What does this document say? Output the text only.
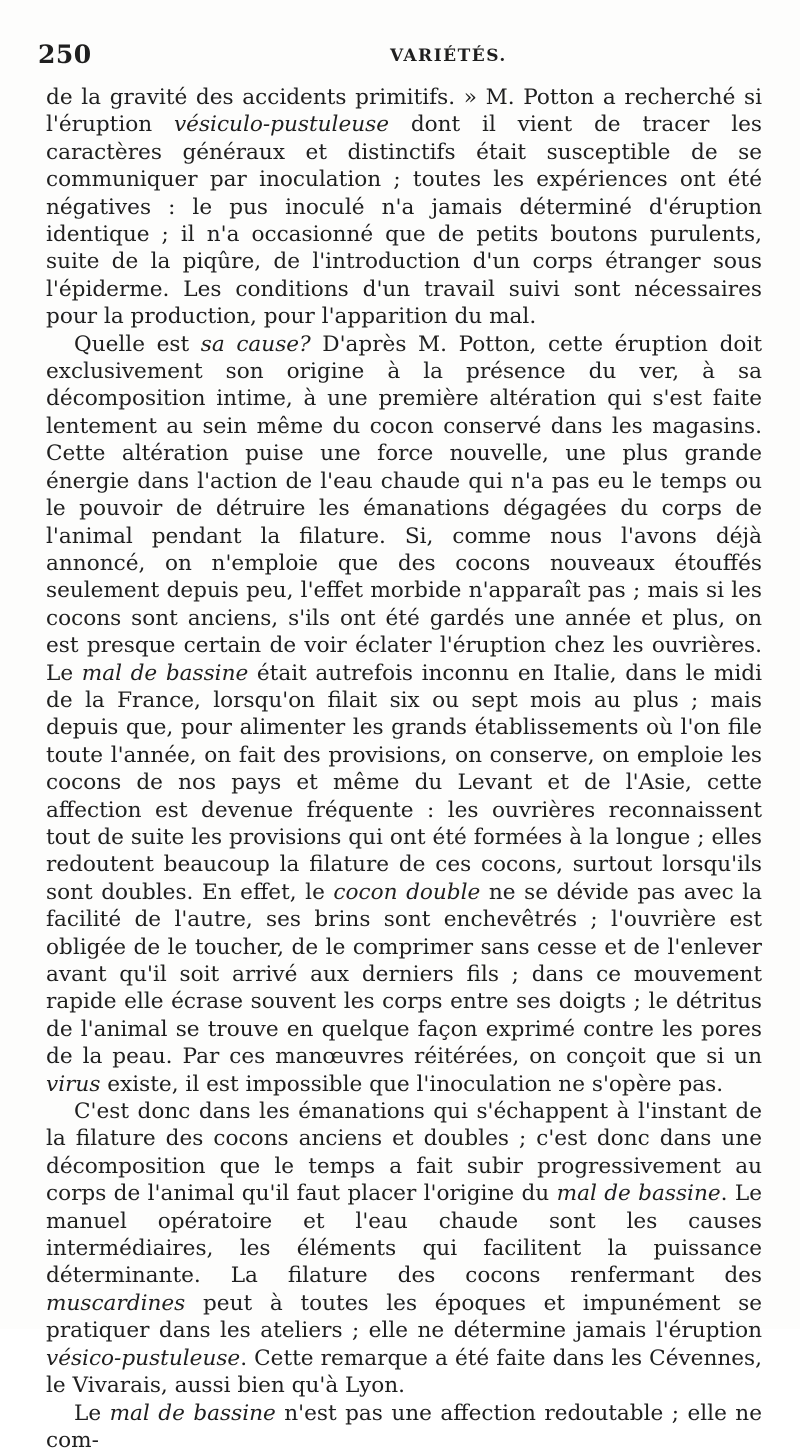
250	VARIÉTÉS.

de la gravité des accidents primitifs. » M. Potton a recherché si l'éruption vésiculo-pustuleuse dont il vient de tracer les caractères généraux et distinctifs était susceptible de se communiquer par inoculation ; toutes les expériences ont été négatives : le pus inoculé n'a jamais déterminé d'éruption identique ; il n'a occasionné que de petits boutons purulents, suite de la piqûre, de l'introduction d'un corps étranger sous l'épiderme. Les conditions d'un travail suivi sont nécessaires pour la production, pour l'apparition du mal.

Quelle est sa cause? D'après M. Potton, cette éruption doit exclusivement son origine à la présence du ver, à sa décomposition intime, à une première altération qui s'est faite lentement au sein même du cocon conservé dans les magasins. Cette altération puise une force nouvelle, une plus grande énergie dans l'action de l'eau chaude qui n'a pas eu le temps ou le pouvoir de détruire les émanations dégagées du corps de l'animal pendant la filature. Si, comme nous l'avons déjà annoncé, on n'emploie que des cocons nouveaux étouffés seulement depuis peu, l'effet morbide n'apparaît pas ; mais si les cocons sont anciens, s'ils ont été gardés une année et plus, on est presque certain de voir éclater l'éruption chez les ouvrières. Le mal de bassine était autrefois inconnu en Italie, dans le midi de la France, lorsqu'on filait six ou sept mois au plus ; mais depuis que, pour alimenter les grands établissements où l'on file toute l'année, on fait des provisions, on conserve, on emploie les cocons de nos pays et même du Levant et de l'Asie, cette affection est devenue fréquente : les ouvrières reconnaissent tout de suite les provisions qui ont été formées à la longue ; elles redoutent beaucoup la filature de ces cocons, surtout lorsqu'ils sont doubles. En effet, le cocon double ne se dévide pas avec la facilité de l'autre, ses brins sont enchevêtrés ; l'ouvrière est obligée de le toucher, de le comprimer sans cesse et de l'enlever avant qu'il soit arrivé aux derniers fils ; dans ce mouvement rapide elle écrase souvent les corps entre ses doigts ; le détritus de l'animal se trouve en quelque façon exprimé contre les pores de la peau. Par ces manœuvres réitérées, on conçoit que si un virus existe, il est impossible que l'inoculation ne s'opère pas.

C'est donc dans les émanations qui s'échappent à l'instant de la filature des cocons anciens et doubles ; c'est donc dans une décomposition que le temps a fait subir progressivement au corps de l'animal qu'il faut placer l'origine du mal de bassine. Le manuel opératoire et l'eau chaude sont les causes intermédiaires, les éléments qui facilitent la puissance déterminante. La filature des cocons renfermant des muscardines peut à toutes les époques et impunément se pratiquer dans les ateliers ; elle ne détermine jamais l'éruption vésico-pustuleuse. Cette remarque a été faite dans les Cévennes, le Vivarais, aussi bien qu'à Lyon.

Le mal de bassine n'est pas une affection redoutable ; elle ne com-
